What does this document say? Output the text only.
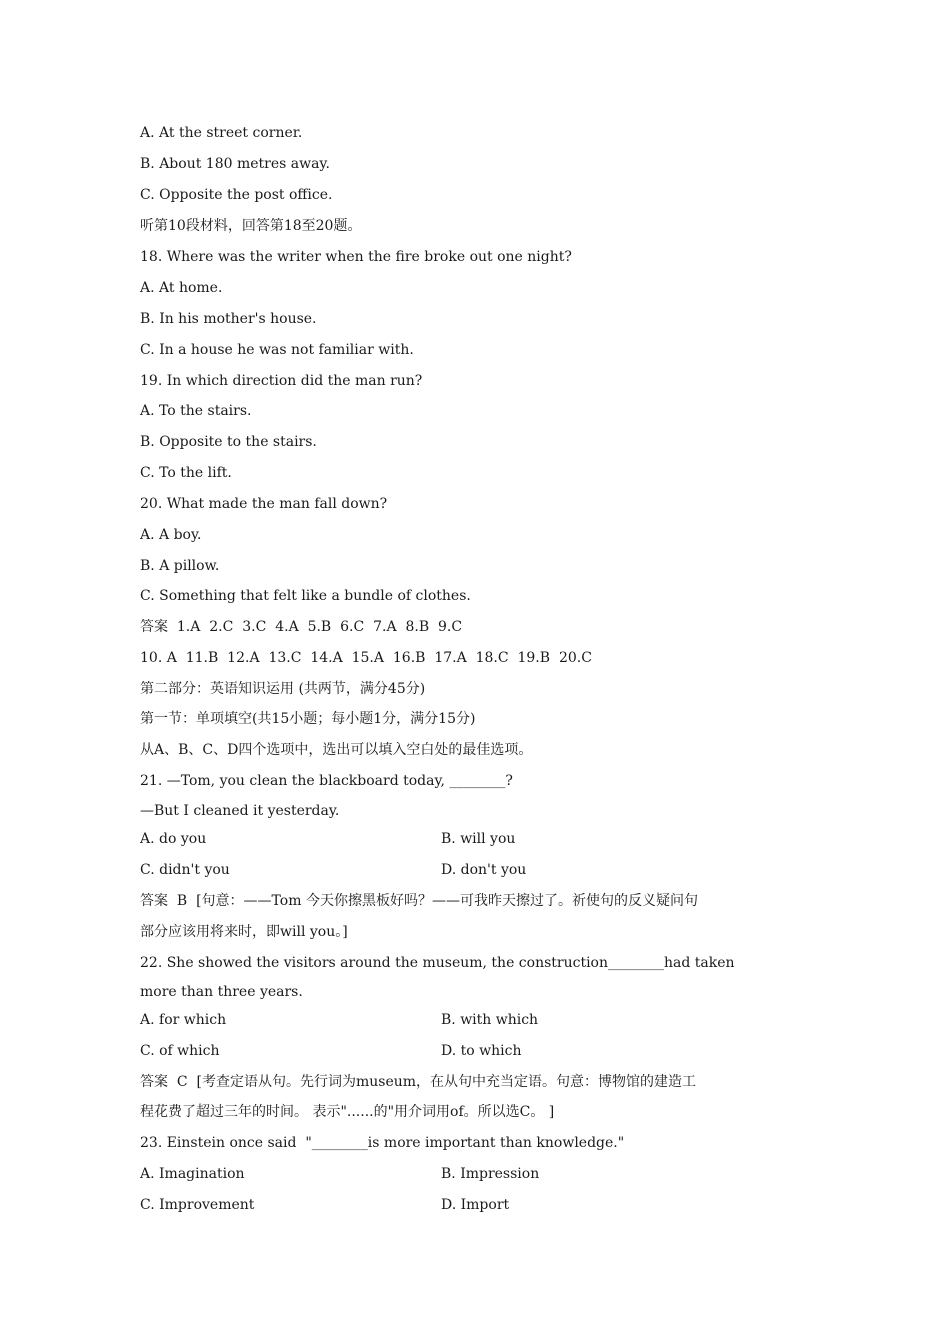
A. At the street corner.
B. About 180 metres away.
C. Opposite the post office.
听第10段材料，回答第18至20题。
18. Where was the writer when the fire broke out one night?
A. At home.
B. In his mother's house.
C. In a house he was not familiar with.
19. In which direction did the man run?
A. To the stairs.
B. Opposite to the stairs.
C. To the lift.
20. What made the man fall down?
A. A boy.
B. A pillow.
C. Something that felt like a bundle of clothes.
答案  1.A  2.C  3.C  4.A  5.B  6.C  7.A  8.B  9.C
10. A  11.B  12.A  13.C  14.A  15.A  16.B  17.A  18.C  19.B  20.C
第二部分：英语知识运用 (共两节，满分45分)
第一节：单项填空(共15小题；每小题1分，满分15分)
从A、B、C、D四个选项中，选出可以填入空白处的最佳选项。
21. —Tom, you clean the blackboard today, ________?
—But I cleaned it yesterday.
A. do you	B. will you
C. didn't you	D. don't you
答案  B  [句意：——Tom 今天你擦黑板好吗？——可我昨天擦过了。祈使句的反义疑问句
部分应该用将来时，即will you。]
22. She showed the visitors around the museum, the construction________had taken
more than three years.
A. for which	B. with which
C. of which	D. to which
答案  C  [考查定语从句。先行词为museum，在从句中充当定语。句意：博物馆的建造工
程花费了超过三年的时间。 表示"......的"用介词用of。所以选C。 ]
23. Einstein once said  "________is more important than knowledge."
A. Imagination	B. Impression
C. Improvement	D. Import
